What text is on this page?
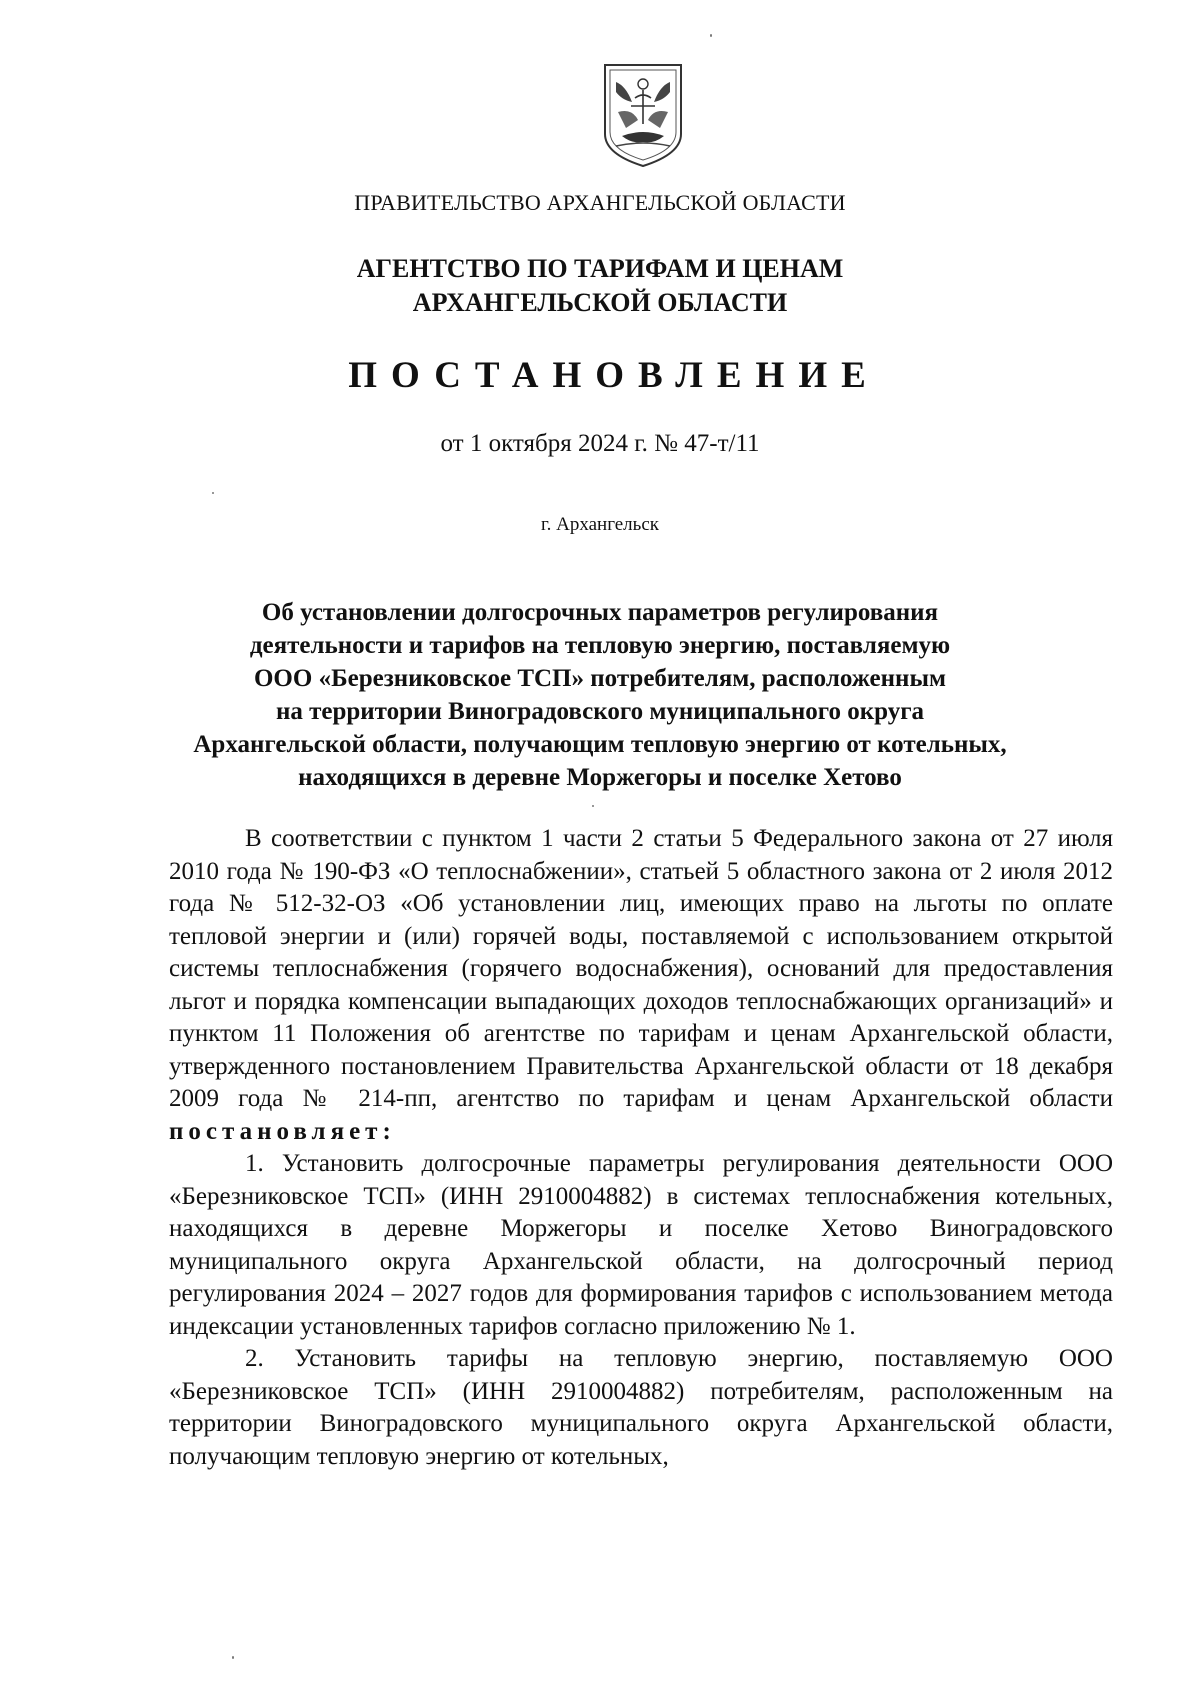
ПРАВИТЕЛЬСТВО АРХАНГЕЛЬСКОЙ ОБЛАСТИ
АГЕНТСТВО ПО ТАРИФАМ И ЦЕНАМ
АРХАНГЕЛЬСКОЙ ОБЛАСТИ
ПОСТАНОВЛЕНИЕ
от 1 октября 2024 г. № 47-т/11
г. Архангельск
Об установлении долгосрочных параметров регулирования
деятельности и тарифов на тепловую энергию, поставляемую
ООО «Березниковское ТСП» потребителям, расположенным
на территории Виноградовского муниципального округа
Архангельской области, получающим тепловую энергию от котельных,
находящихся в деревне Моржегоры и поселке Хетово

В соответствии с пунктом 1 части 2 статьи 5 Федерального закона от 27 июля 2010 года № 190-ФЗ «О теплоснабжении», статьей 5 областного закона от 2 июля 2012 года № 512-32-ОЗ «Об установлении лиц, имеющих право на льготы по оплате тепловой энергии и (или) горячей воды, поставляемой с использованием открытой системы теплоснабжения (горячего водоснабжения), оснований для предоставления льгот и порядка компенсации выпадающих доходов теплоснабжающих организаций» и пунктом 11 Положения об агентстве по тарифам и ценам Архангельской области, утвержденного постановлением Правительства Архангельской области от 18 декабря 2009 года № 214-пп, агентство по тарифам и ценам Архангельской области постановляет:

1. Установить долгосрочные параметры регулирования деятельности ООО «Березниковское ТСП» (ИНН 2910004882) в системах теплоснабжения котельных, находящихся в деревне Моржегоры и поселке Хетово Виноградовского муниципального округа Архангельской области, на долгосрочный период регулирования 2024 – 2027 годов для формирования тарифов с использованием метода индексации установленных тарифов согласно приложению № 1.

2. Установить тарифы на тепловую энергию, поставляемую ООО «Березниковское ТСП» (ИНН 2910004882) потребителям, расположенным на территории Виноградовского муниципального округа Архангельской области, получающим тепловую энергию от котельных,
